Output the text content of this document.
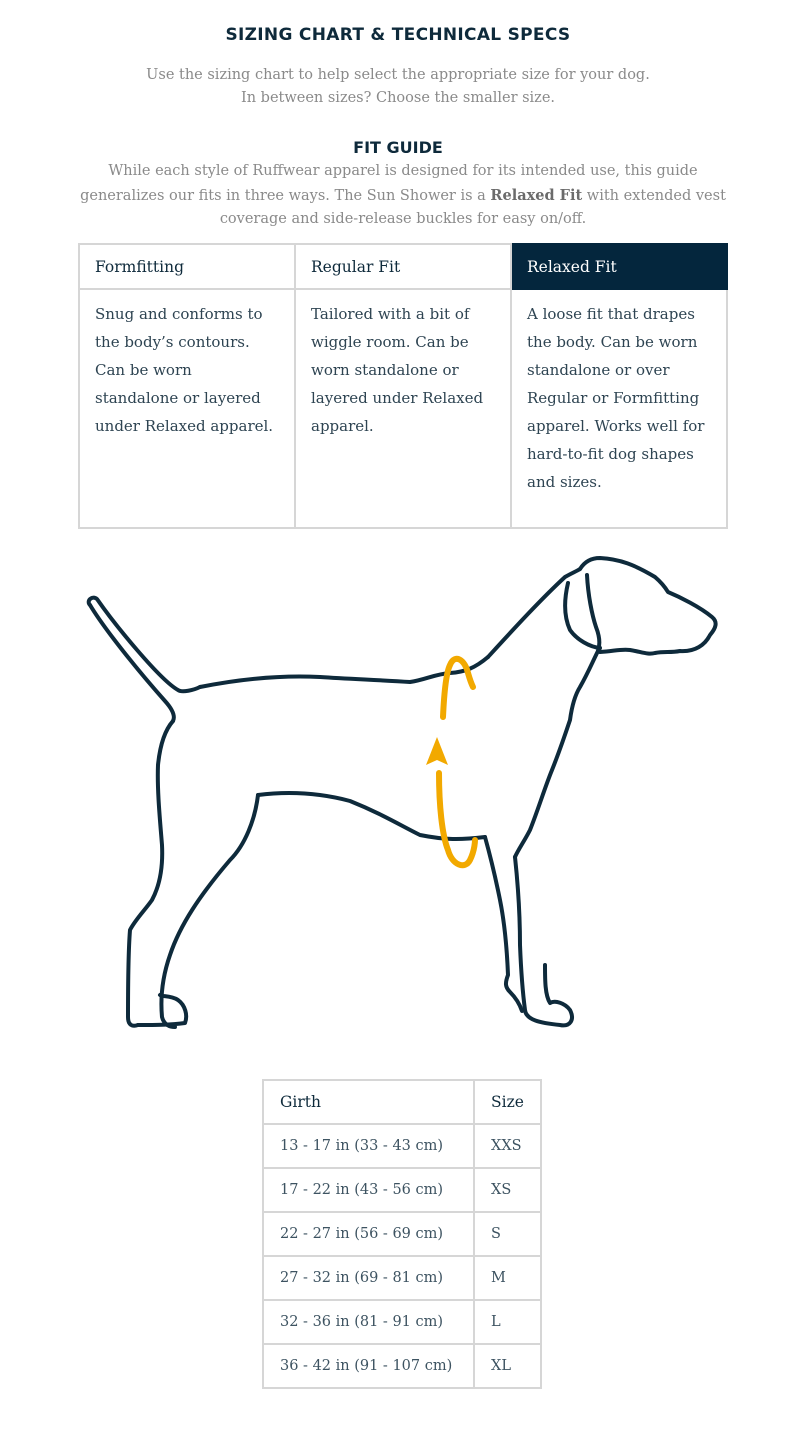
SIZING CHART & TECHNICAL SPECS
Use the sizing chart to help select the appropriate size for your dog.
In between sizes? Choose the smaller size.
FIT GUIDE

While each style of Ruffwear apparel is designed for its intended use, this guide generalizes our fits in three ways. The Sun Shower is a Relaxed Fit with extended vest coverage and side-release buckles for easy on/off.

Formfitting	Regular Fit	Relaxed Fit
Snug and conforms to the body’s contours. Can be worn standalone or layered under Relaxed apparel.	Tailored with a bit of wiggle room. Can be worn standalone or layered under Relaxed apparel.	A loose fit that drapes the body. Can be worn standalone or over Regular or Formfitting apparel. Works well for hard-to-fit dog shapes and sizes.
Girth	Size
13 - 17 in (33 - 43 cm)	XXS
17 - 22 in (43 - 56 cm)	XS
22 - 27 in (56 - 69 cm)	S
27 - 32 in (69 - 81 cm)	M
32 - 36 in (81 - 91 cm)	L
36 - 42 in (91 - 107 cm)	XL
